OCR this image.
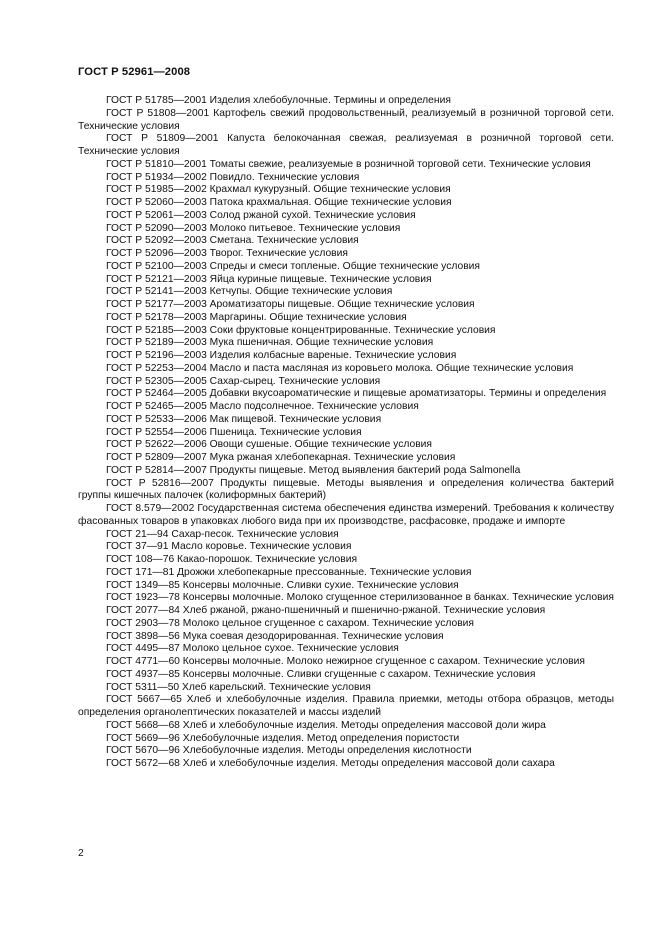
ГОСТ Р 52961—2008

ГОСТ Р 51785—2001 Изделия хлебобулочные. Термины и определения

ГОСТ Р 51808—2001 Картофель свежий продовольственный, реализуемый в розничной торговой сети. Технические условия

ГОСТ Р 51809—2001 Капуста белокочанная свежая, реализуемая в розничной торговой сети. Технические условия

ГОСТ Р 51810—2001 Томаты свежие, реализуемые в розничной торговой сети. Технические условия

ГОСТ Р 51934—2002 Повидло. Технические условия

ГОСТ Р 51985—2002 Крахмал кукурузный. Общие технические условия

ГОСТ Р 52060—2003 Патока крахмальная. Общие технические условия

ГОСТ Р 52061—2003 Солод ржаной сухой. Технические условия

ГОСТ Р 52090—2003 Молоко питьевое. Технические условия

ГОСТ Р 52092—2003 Сметана. Технические условия

ГОСТ Р 52096—2003 Творог. Технические условия

ГОСТ Р 52100—2003 Спреды и смеси топленые. Общие технические условия

ГОСТ Р 52121—2003 Яйца куриные пищевые. Технические условия

ГОСТ Р 52141—2003 Кетчупы. Общие технические условия

ГОСТ Р 52177—2003 Ароматизаторы пищевые. Общие технические условия

ГОСТ Р 52178—2003 Маргарины. Общие технические условия

ГОСТ Р 52185—2003 Соки фруктовые концентрированные. Технические условия

ГОСТ Р 52189—2003 Мука пшеничная. Общие технические условия

ГОСТ Р 52196—2003 Изделия колбасные вареные. Технические условия

ГОСТ Р 52253—2004 Масло и паста масляная из коровьего молока. Общие технические условия

ГОСТ Р 52305—2005 Сахар-сырец. Технические условия

ГОСТ Р 52464—2005 Добавки вкусоароматические и пищевые ароматизаторы. Термины и определения

ГОСТ Р 52465—2005 Масло подсолнечное. Технические условия

ГОСТ Р 52533—2006 Мак пищевой. Технические условия

ГОСТ Р 52554—2006 Пшеница. Технические условия

ГОСТ Р 52622—2006 Овощи сушеные. Общие технические условия

ГОСТ Р 52809—2007 Мука ржаная хлебопекарная. Технические условия

ГОСТ Р 52814—2007 Продукты пищевые. Метод выявления бактерий рода Salmonella

ГОСТ Р 52816—2007 Продукты пищевые. Методы выявления и определения количества бактерий группы кишечных палочек (колиформных бактерий)

ГОСТ 8.579—2002 Государственная система обеспечения единства измерений. Требования к количеству фасованных товаров в упаковках любого вида при их производстве, расфасовке, продаже и импорте

ГОСТ 21—94 Сахар-песок. Технические условия

ГОСТ 37—91 Масло коровье. Технические условия

ГОСТ 108—76 Какао-порошок. Технические условия

ГОСТ 171—81 Дрожжи хлебопекарные прессованные. Технические условия

ГОСТ 1349—85 Консервы молочные. Сливки сухие. Технические условия

ГОСТ 1923—78 Консервы молочные. Молоко сгущенное стерилизованное в банках. Технические условия

ГОСТ 2077—84 Хлеб ржаной, ржано-пшеничный и пшенично-ржаной. Технические условия

ГОСТ 2903—78 Молоко цельное сгущенное с сахаром. Технические условия

ГОСТ 3898—56 Мука соевая дезодорированная. Технические условия

ГОСТ 4495—87 Молоко цельное сухое. Технические условия

ГОСТ 4771—60 Консервы молочные. Молоко нежирное сгущенное с сахаром. Технические условия

ГОСТ 4937—85 Консервы молочные. Сливки сгущенные с сахаром. Технические условия

ГОСТ 5311—50 Хлеб карельский. Технические условия

ГОСТ 5667—65 Хлеб и хлебобулочные изделия. Правила приемки, методы отбора образцов, методы определения органолептических показателей и массы изделий

ГОСТ 5668—68 Хлеб и хлебобулочные изделия. Методы определения массовой доли жира

ГОСТ 5669—96 Хлебобулочные изделия. Метод определения пористости

ГОСТ 5670—96 Хлебобулочные изделия. Методы определения кислотности

ГОСТ 5672—68 Хлеб и хлебобулочные изделия. Методы определения массовой доли сахара

2
